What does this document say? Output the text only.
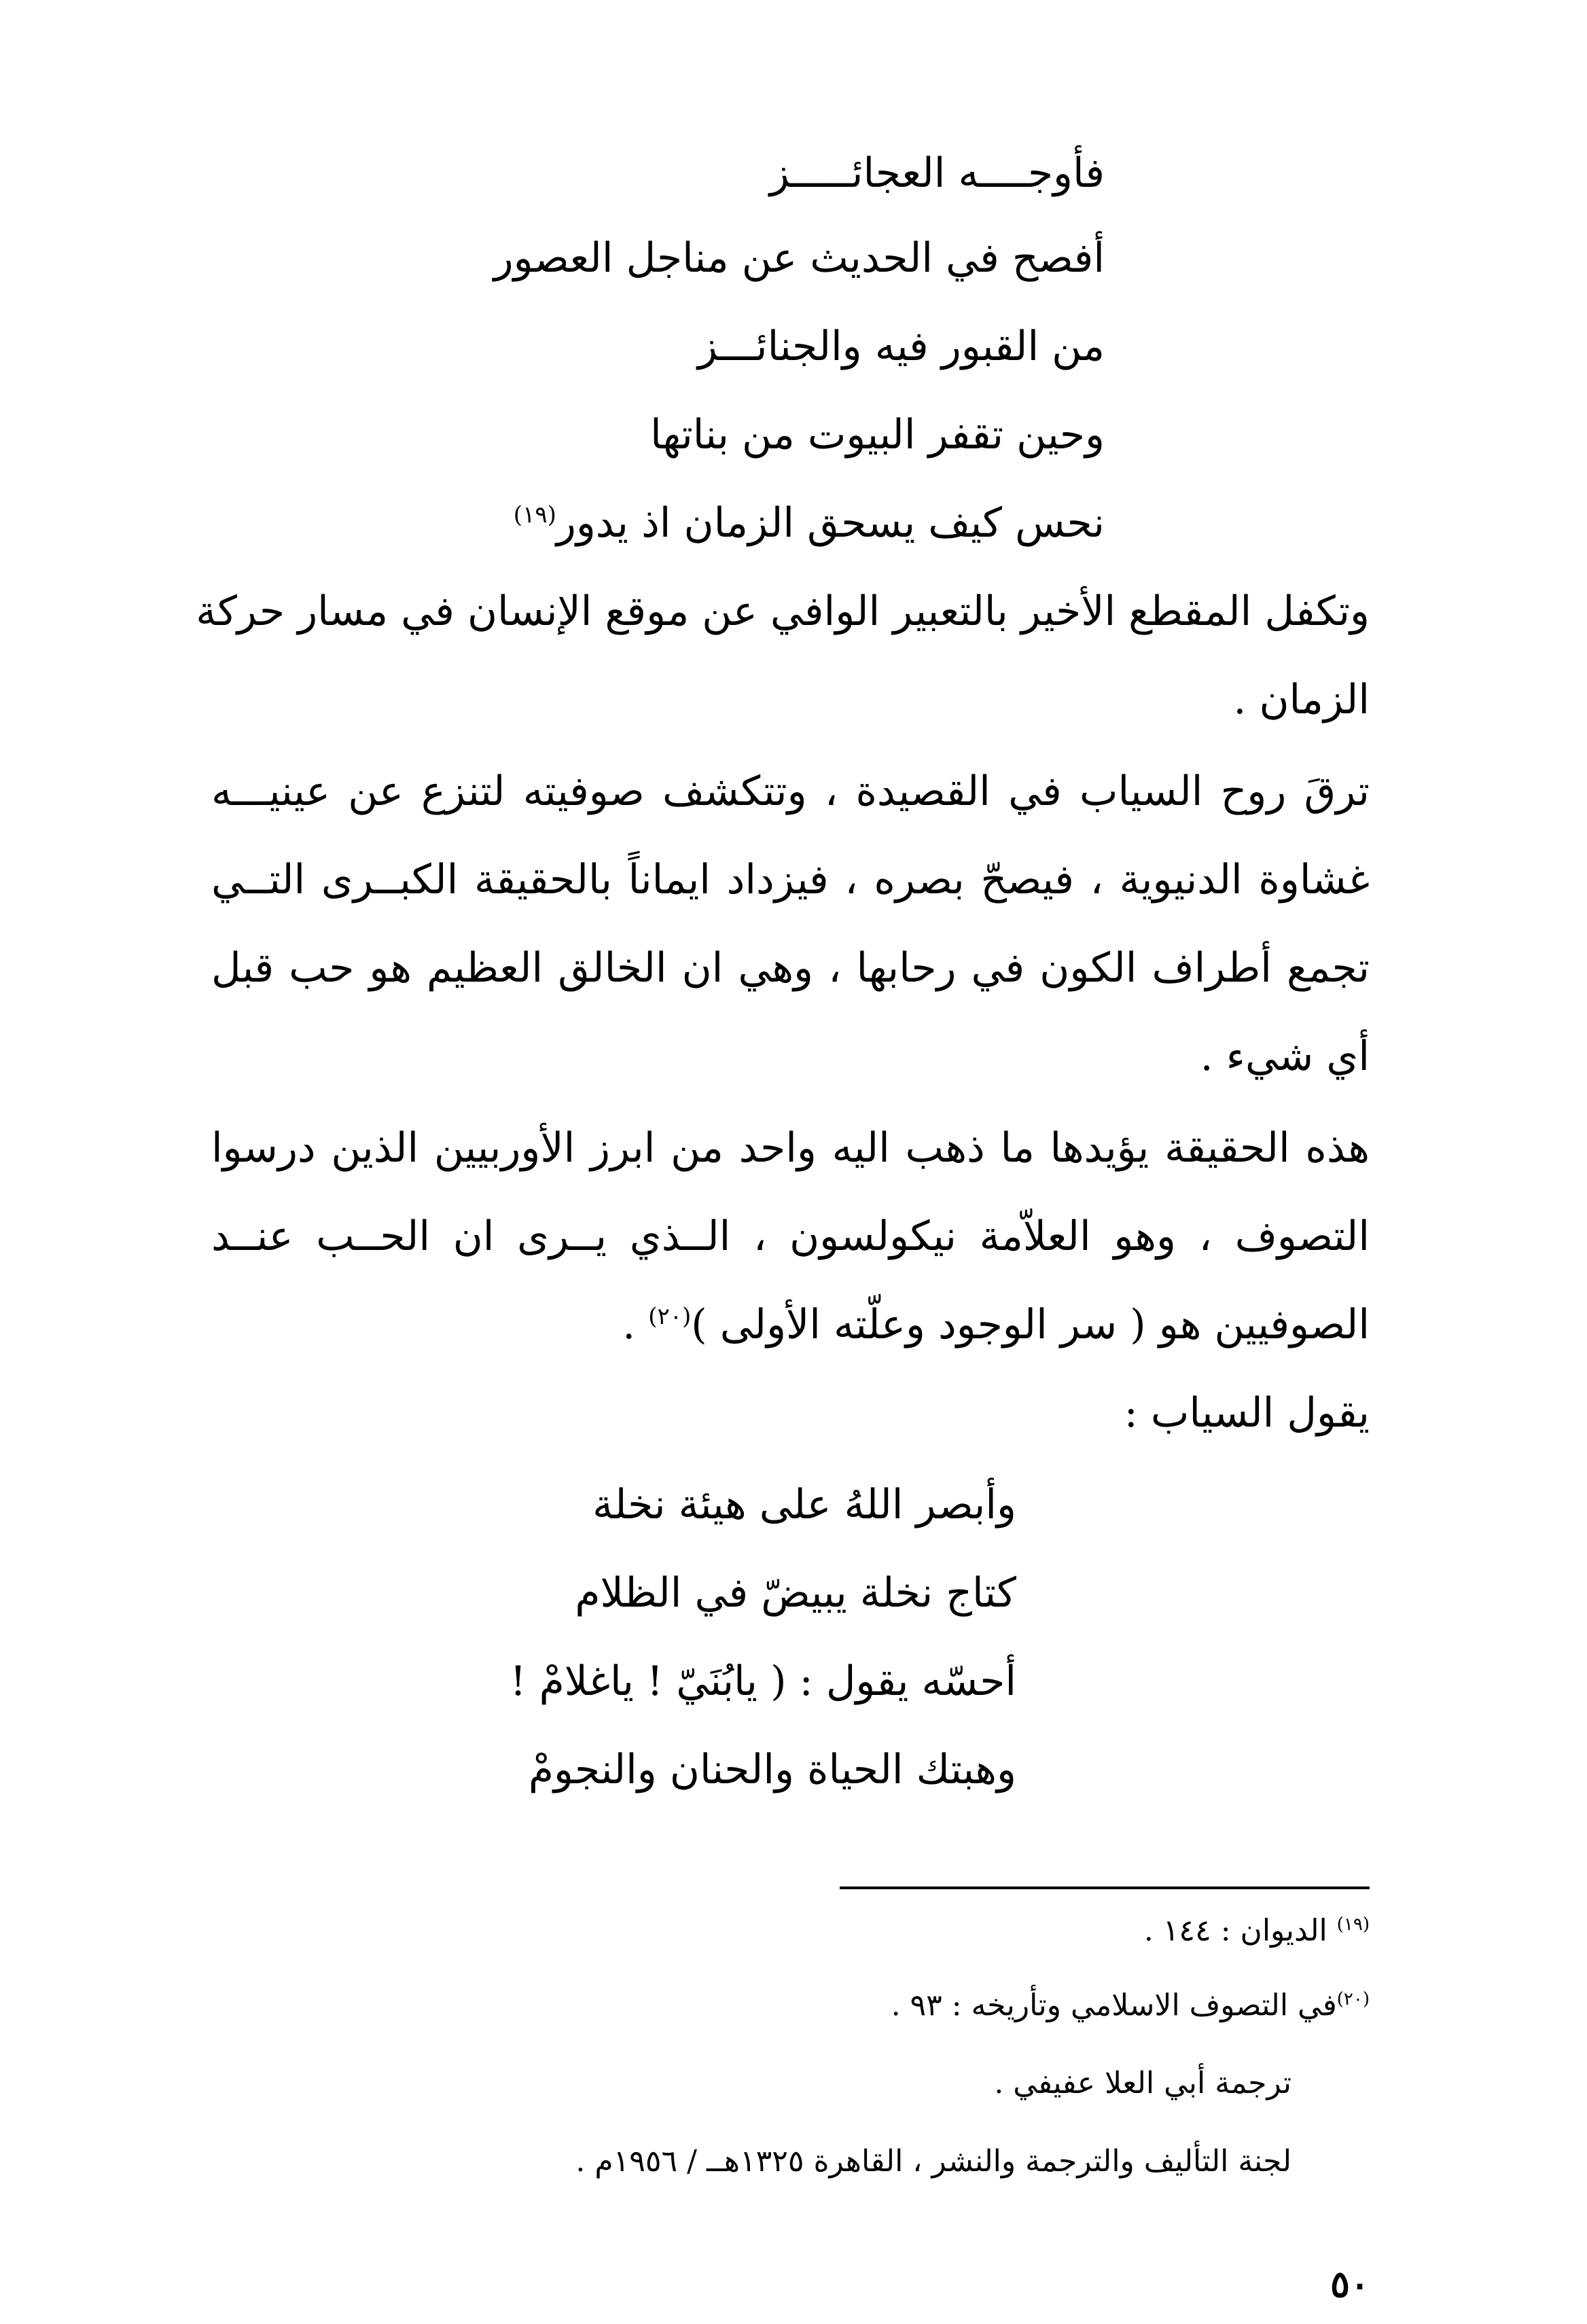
فأوجــــه العجائـــــز
أفصح في الحديث عن مناجل العصور
من القبور فيه والجنائـــز
وحين تقفر البيوت من بناتها
نحس كيف يسحق الزمان اذ يدور$^{(١٩)}$
وتكفل المقطع الأخير بالتعبير الوافي عن موقع الإنسان في مسار حركة
الزمان .
ترقَ روح السياب في القصيدة ، وتتكشف صوفيته لتنزع عن عينيـــه
غشاوة الدنيوية ، فيصحّ بصره ، فيزداد ايماناً بالحقيقة الكبــرى التــي
تجمع أطراف الكون في رحابها ، وهي ان الخالق العظيم هو حب قبل
أي شيء .
هذه الحقيقة يؤيدها ما ذهب اليه واحد من ابرز الأوربيين الذين درسوا
التصوف ، وهو العلاّمة نيكولسون ، الــذي يــرى ان الحــب عنــد
الصوفيين هو ( سر الوجود وعلّته الأولى )$^{(٢٠)}$ .
يقول السياب :
وأبصر اللهُ على هيئة نخلة
كتاج نخلة يبيضّ في الظلام
أحسّه يقول : ( يابُنَيّ ! ياغلامْ !
وهبتك الحياة والحنان والنجومْ
$^{(١٩)}$ الديوان : ١٤٤ .
$^{(٢٠)}$في التصوف الاسلامي وتأريخه : ٩٣ .
ترجمة أبي العلا عفيفي .
لجنة التأليف والترجمة والنشر ، القاهرة ١٣٢٥هــ / ١٩٥٦م .
٥٠
